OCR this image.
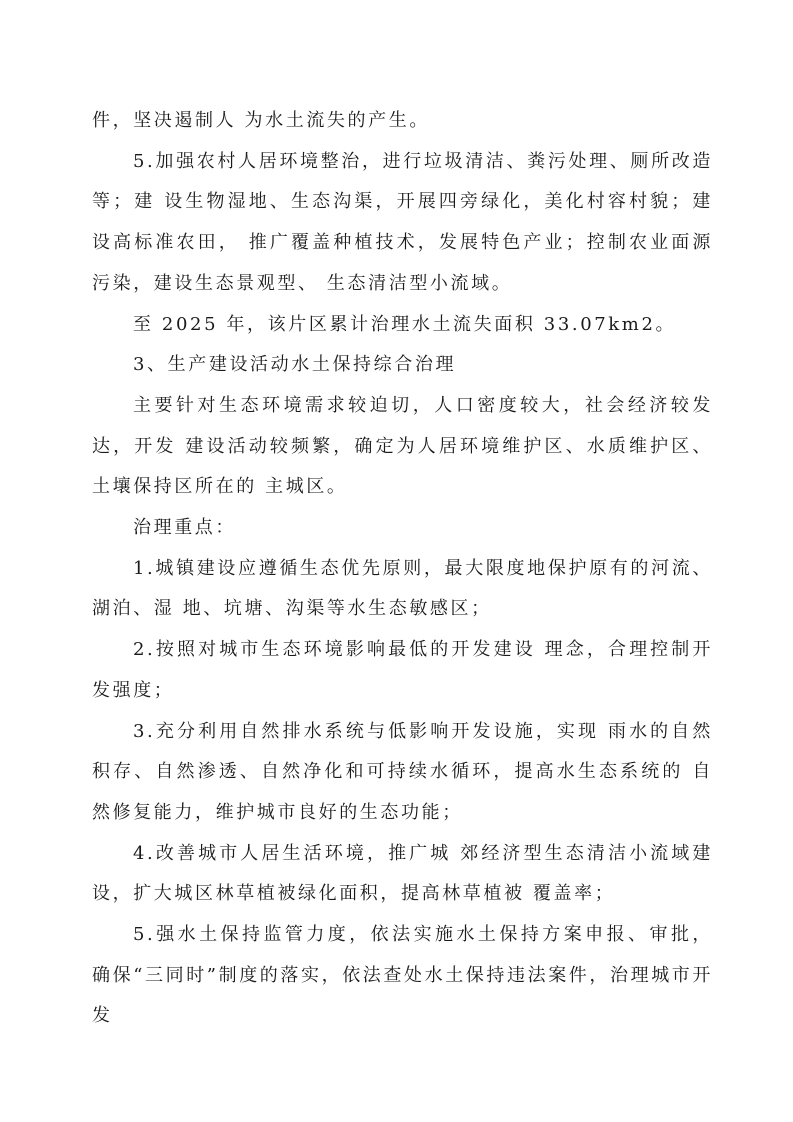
件，坚决遏制人 为水土流失的产生。

5.加强农村人居环境整治，进行垃圾清洁、粪污处理、厕所改造等；建 设生物湿地、生态沟渠，开展四旁绿化，美化村容村貌；建设高标准农田， 推广覆盖种植技术，发展特色产业；控制农业面源污染，建设生态景观型、 生态清洁型小流域。

至 2025 年，该片区累计治理水土流失面积 33.07km2。

3、生产建设活动水土保持综合治理

主要针对生态环境需求较迫切，人口密度较大，社会经济较发达，开发 建设活动较频繁，确定为人居环境维护区、水质维护区、土壤保持区所在的 主城区。

治理重点：

1.城镇建设应遵循生态优先原则，最大限度地保护原有的河流、湖泊、湿 地、坑塘、沟渠等水生态敏感区；

2.按照对城市生态环境影响最低的开发建设 理念，合理控制开发强度；

3.充分利用自然排水系统与低影响开发设施，实现 雨水的自然积存、自然渗透、自然净化和可持续水循环，提高水生态系统的 自然修复能力，维护城市良好的生态功能；

4.改善城市人居生活环境，推广城 郊经济型生态清洁小流域建设，扩大城区林草植被绿化面积，提高林草植被 覆盖率；

5.强水土保持监管力度，依法实施水土保持方案申报、审批， 确保“三同时”制度的落实，依法查处水土保持违法案件，治理城市开发
